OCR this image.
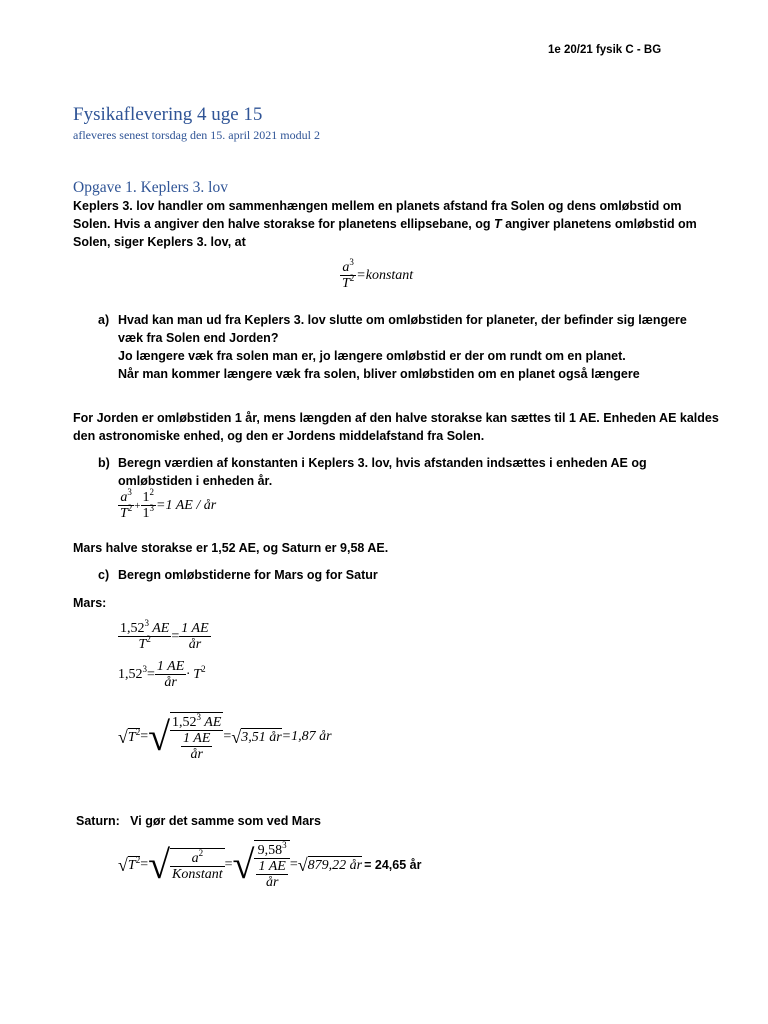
1e 20/21 fysik C - BG
Fysikaflevering 4 uge 15
afleveres senest torsdag den 15. april 2021 modul 2
Opgave 1. Keplers 3. lov
Keplers 3. lov handler om sammenhængen mellem en planets afstand fra Solen og dens omløbstid om
Solen. Hvis a angiver den halve storakse for planetens ellipsebane, og T angiver planetens omløbstid om
Solen, siger Keplers 3. lov, at
$\frac{a^3}{T^2}$ =konstant
a) Hvad kan man ud fra Keplers 3. lov slutte om omløbstiden for planeter, der befinder sig længere
væk fra Solen end Jorden?
Jo længere væk fra solen man er, jo længere omløbstid er der om rundt om en planet.
Når man kommer længere væk fra solen, bliver omløbstiden om en planet også længere
For Jorden er omløbstiden 1 år, mens længden af den halve storakse kan sættes til 1 AE. Enheden AE kaldes
den astronomiske enhed, og den er Jordens middelafstand fra Solen.
b) Beregn værdien af konstanten i Keplers 3. lov, hvis afstanden indsættes i enheden AE og
omløbstiden i enheden år.
$\frac{a^3}{T^2} + \frac{1^2}{1^3} =1$ AE / år
Mars halve storakse er 1,52 AE, og Saturn er 9,58 AE.
c) Beregn omløbstiderne for Mars og for Satur
Mars:
$\frac{1,52^3 AE}{T^2} = \frac{1 AE}{år}$
$1,52^3= \frac{1 AE}{år} \cdot T^2$
√ $T^2$ = √ $\frac{1,52^3 AE}{\frac{1 AE}{år}}$ = √ 3,51 år =1,87 år
Saturn: Vi gør det samme som ved Mars
√ $T^2$ = √ $\frac{a^2}{\text{Konstant}}$ = √ $\frac{9,58^3}{\frac{1 AE}{år}}$ = √ 879,22 år = 24,65 år
